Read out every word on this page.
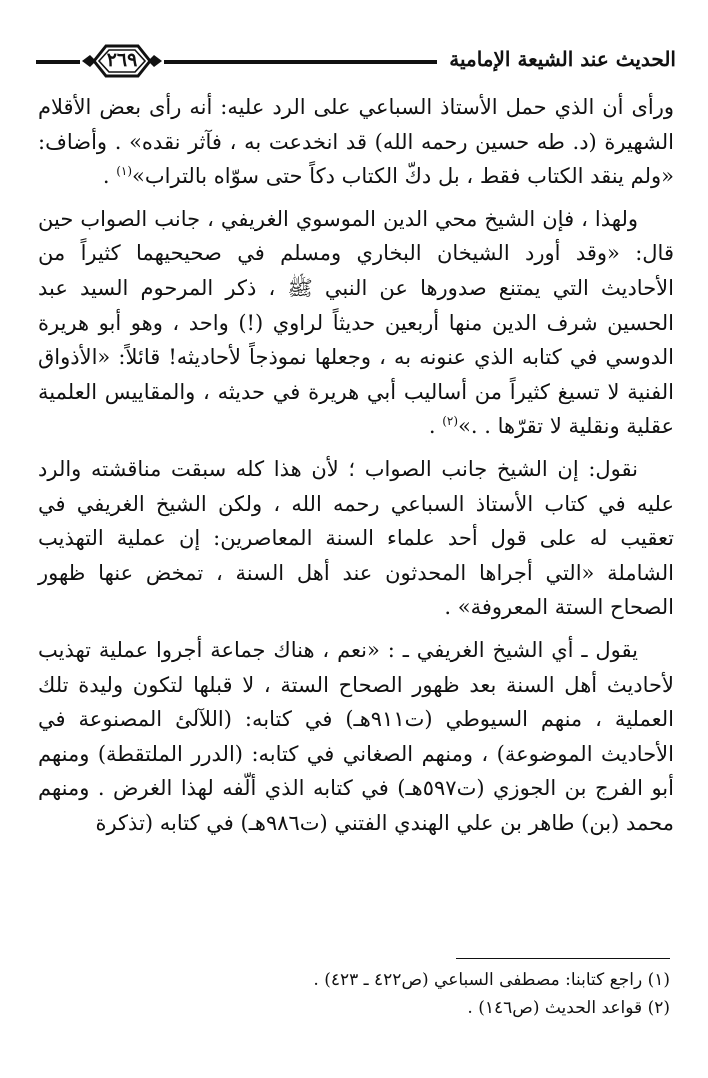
الحديث عند الشيعة الإمامية
٢٦٩

ورأى أن الذي حمل الأستاذ السباعي على الرد عليه: أنه رأى بعض الأقلام الشهيرة (د. طه حسين رحمه الله) قد انخدعت به ، فآثر نقده» . وأضاف: «ولم ينقد الكتاب فقط ، بل دكّ الكتاب دكاً حتى سوّاه بالتراب»$^{(١)}$ .

ولهذا ، فإن الشيخ محي الدين الموسوي الغريفي ، جانب الصواب حين قال: «وقد أورد الشيخان البخاري ومسلم في صحيحيهما كثيراً من الأحاديث التي يمتنع صدورها عن النبي ﷺ ، ذكر المرحوم السيد عبد الحسين شرف الدين منها أربعين حديثاً لراوي (!) واحد ، وهو أبو هريرة الدوسي في كتابه الذي عنونه به ، وجعلها نموذجاً لأحاديثه! قائلاً: «الأذواق الفنية لا تسيغ كثيراً من أساليب أبي هريرة في حديثه ، والمقاييس العلمية عقلية ونقلية لا تقرّها . .»$^{(٢)}$ .

نقول: إن الشيخ جانب الصواب ؛ لأن هذا كله سبقت مناقشته والرد عليه في كتاب الأستاذ السباعي رحمه الله ، ولكن الشيخ الغريفي في تعقيب له على قول أحد علماء السنة المعاصرين: إن عملية التهذيب الشاملة «التي أجراها المحدثون عند أهل السنة ، تمخض عنها ظهور الصحاح الستة المعروفة» .

يقول ـ أي الشيخ الغريفي ـ : «نعم ، هناك جماعة أجروا عملية تهذيب لأحاديث أهل السنة بعد ظهور الصحاح الستة ، لا قبلها لتكون وليدة تلك العملية ، منهم السيوطي (ت٩١١هـ) في كتابه: (اللآلئ المصنوعة في الأحاديث الموضوعة) ، ومنهم الصغاني في كتابه: (الدرر الملتقطة) ومنهم أبو الفرج بن الجوزي (ت٥٩٧هـ) في كتابه الذي ألّفه لهذا الغرض . ومنهم محمد (بن) طاهر بن علي الهندي الفتني (ت٩٨٦هـ) في كتابه (تذكرة

(١) راجع كتابنا: مصطفى السباعي (ص٤٢٢ ـ ٤٢٣) .

(٢) قواعد الحديث (ص١٤٦) .
